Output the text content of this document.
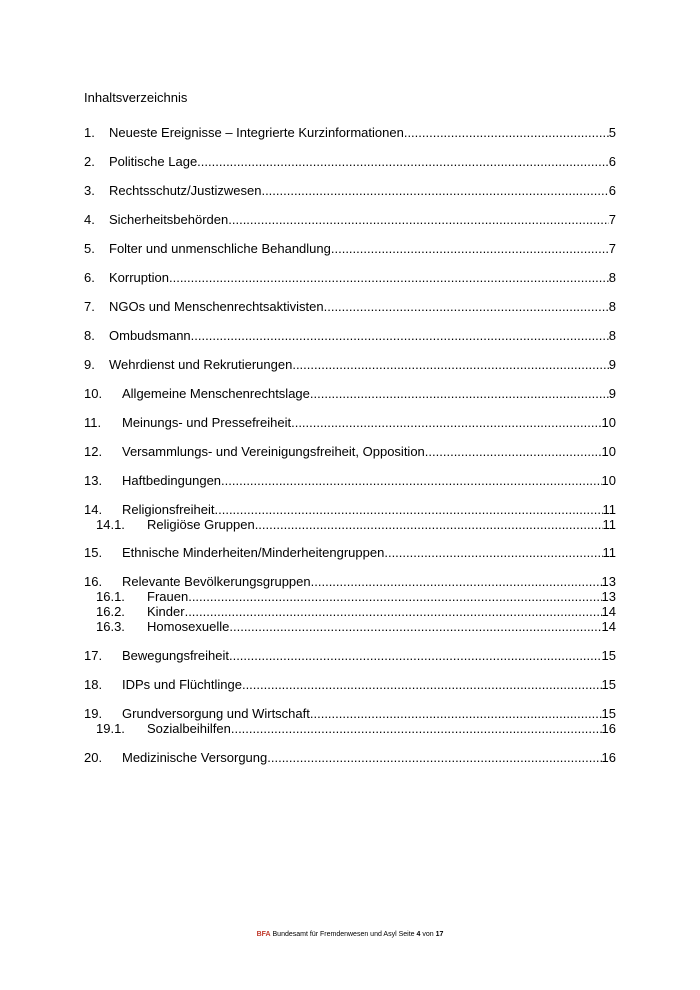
Inhaltsverzeichnis
1. Neueste Ereignisse – Integrierte Kurzinformationen .....	5
2. Politische Lage .....	6
3. Rechtsschutz/Justizwesen .....	6
4. Sicherheitsbehörden .....	7
5. Folter und unmenschliche Behandlung .....	7
6. Korruption .....	8
7. NGOs und Menschenrechtsaktivisten .....	8
8. Ombudsmann .....	8
9. Wehrdienst und Rekrutierungen .....	9
10. Allgemeine Menschenrechtslage .....	9
11. Meinungs- und Pressefreiheit .....	10
12. Versammlungs- und Vereinigungsfreiheit, Opposition .....	10
13. Haftbedingungen .....	10
14. Religionsfreiheit .....	11
14.1. Religiöse Gruppen .....	11
15. Ethnische Minderheiten/Minderheitengruppen .....	11
16. Relevante Bevölkerungsgruppen .....	13
16.1. Frauen .....	13
16.2. Kinder .....	14
16.3. Homosexuelle .....	14
17. Bewegungsfreiheit .....	15
18. IDPs und Flüchtlinge .....	15
19. Grundversorgung und Wirtschaft .....	15
19.1. Sozialbeihilfen .....	16
20. Medizinische Versorgung .....	16
BFA Bundesamt für Fremdenwesen und Asyl Seite 4 von 17
